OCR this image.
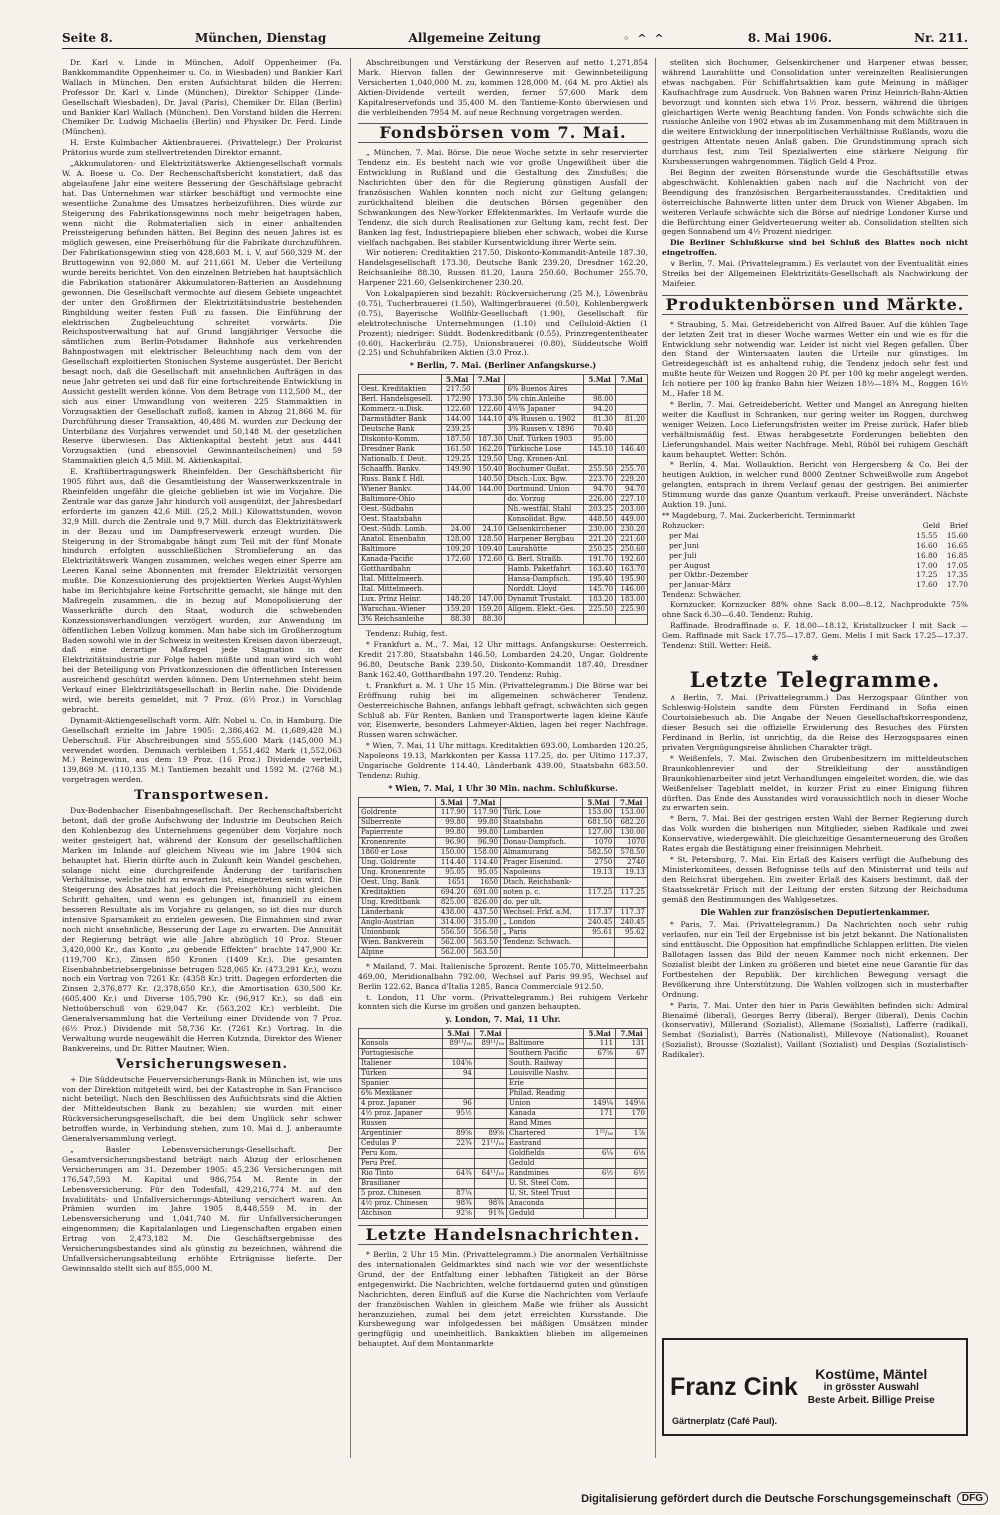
Seite 8.	München, Dienstag	Allgemeine Zeitung	◦ ^ ^	8. Mai 1906.	Nr. 211.

Dr. Karl v. Linde in München, Adolf Oppenheimer (Fa. Bankkommandite Oppenheimer u. Co. in Wiesbaden) und Bankier Karl Wallach in München. Den ersten Aufsichtsrat bilden die Herren: Professor Dr. Karl v. Linde (München), Direktor Schipper (Linde-Gesellschaft Wiesbaden), Dr. Javal (Paris), Chemiker Dr. Ellan (Berlin) und Bankier Karl Wallach (München). Den Vorstand bilden die Herren: Chemiker Dr. Ludwig Michaelis (Berlin) und Physiker Dr. Ferd. Linde (München).

H. Erste Kulmbacher Aktienbrauerei. (Privattelegr.) Der Prokurist Prätorius wurde zum stellvertretenden Direktor ernannt.

„Akkumulatoren- und Elektrizitätswerke Aktiengesellschaft vormals W. A. Boese u. Co. Der Rechenschaftsbericht konstatiert, daß das abgelaufene Jahr eine weitere Besserung der Geschäftslage gebracht hat. Das Unternehmen war stärker beschäftigt und vermochte eine wesentliche Zunahme des Umsatzes herbeizuführen. Dies würde zur Steigerung des Fabrikationsgewinns noch mehr beigetragen haben, wenn nicht die Rohmaterialien sich in einer anhaltenden Preissteigerung befunden hätten. Bei Beginn des neuen Jahres ist es möglich gewesen, eine Preiserhöhung für die Fabrikate durchzuführen. Der Fabrikationsgewinn stieg von 428,603 M. i. V. auf 560,329 M. der Bruttogewinn von 92,080 M. auf 211,661 M. Ueber die Verteilung wurde bereits berichtet. Von den einzelnen Betrieben hat hauptsächlich die Fabrikation stationärer Akkumulatoren-Batterien an Ausdehnung gewonnen. Die Gesellschaft vermochte auf diesem Gebiete ungeachtet der unter den Großfirmen der Elektrizitätsindustrie bestehenden Ringbildung weiter festen Fuß zu fassen. Die Einführung der elektrischen Zugbeleuchtung schreitet vorwärts. Die Reichspostverwaltung hat auf Grund langjähriger Versuche die sämtlichen zum Berlin-Potsdamer Bahnhofe aus verkehrenden Bahnpostwagen mit elektrischer Beleuchtung nach dem von der Gesellschaft exploitierten Stonischen Systeme ausgerüstet. Der Bericht besagt noch, daß die Gesellschaft mit ansehnlichen Aufträgen in das neue Jahr getreten sei und daß für eine fortschreitende Entwicklung in Aussicht gestellt werden könne. Von dem Betrage von 112,500 M., der sich aus einer Umwandlung von weiteren 225 Stammaktien in Vorzugsaktien der Gesellschaft zufloß, kamen in Abzug 21,866 M. für Durchführung dieser Transaktion, 40,486 M. wurden zur Deckung der Unterbilanz des Vorjahres verwendet und 50,148 M. der gesetzlichen Reserve überwiesen. Das Aktienkapital besteht jetzt aus 4441 Vorzugsaktien (und ebensoviel Gewinnanteilscheinen) und 59 Stammaktien gleich 4,5 Mill. M. Aktienkapital.

E. Kraftübertragungswerk Rheinfelden. Der Geschäftsbericht für 1905 führt aus, daß die Gesamtleistung der Wasserwerkszentrale in Rheinfelden ungefähr die gleiche geblieben ist wie im Vorjahre. Die Zentrale war das ganze Jahr hindurch voll ausgenützt, der Jahresbedarf erforderte im ganzen 42,6 Mill. (25,2 Mill.) Kilowattstunden, wovon 32,9 Mill. durch die Zentrale und 9,7 Mill. durch das Elektrizitätswerk in der Bezau und im Dampfreservewerk erzeugt wurden. Die Steigerung in der Stromabgabe hängt zum Teil mit der fünf Monate hindurch erfolgten ausschließlichen Stromlieferung an das Elektrizitätswerk Wangen zusammen, welches wegen einer Sperre am Leeren Kanal seine Abonnenten mit fremder Elektrizität versorgen mußte. Die Konzessionierung des projektierten Werkes Augst-Wyhlen habe im Berichtsjahre keine Fortschritte gemacht, sie hänge mit den Maßregeln zusammen, die in bezug auf Monopolisierung der Wasserkräfte durch den Staat, wodurch die schwebenden Konzessionsverhandlungen verzögert wurden, zur Anwendung im öffentlichen Leben Vollzug kommen. Man habe sich im Großherzogtum Baden sowohl wie in der Schweiz in weitesten Kreisen davon überzeugt, daß eine derartige Maßregel jede Stagnation in der Elektrizitätsindustrie zur Folge haben müßte und man wird sich wohl bei der Beteiligung von Privatkonzessionen die öffentlichen Interessen ausreichend geschützt werden können. Dem Unternehmen steht beim Verkauf einer Elektrizitätsgesellschaft in Berlin nahe. Die Dividende wird, wie bereits gemeldet, mit 7 Proz. (6½ Proz.) in Vorschlag gebracht.

Dynamit-Aktiengesellschaft vorm. Alfr. Nobel u. Co. in Hamburg. Die Gesellschaft erzielte im Jahre 1905: 2,386,462 M. (1,689,428 M.) Ueberschuß. Für Abschreibungen sind 555,600 Mark (145,000 M.) verwendet worden. Demnach verbleiben 1,551,462 Mark (1,552,063 M.) Reingewinn, aus dem 19 Proz. (16 Proz.) Dividende verteilt, 139,869 M. (110,135 M.) Tantiemen bezahlt und 1592 M. (2768 M.) vorgetragen werden.

Transportwesen.

Dux-Bodenbacher Eisenbahngesellschaft. Der Rechenschaftsbericht betont, daß der große Aufschwung der Industrie im Deutschen Reich den Kohlenbezug des Unternehmens gegenüber dem Vorjahre noch weiter gesteigert hat, während der Konsum der gesellschaftlichen Marken im Inlande auf gleichem Niveau wie im Jahre 1904 sich behauptet hat. Hierin dürfte auch in Zukunft kein Wandel geschehen, solange nicht eine durchgreifende Änderung der tarifarischen Verhältnisse, welche nicht zu erwarten ist, eingetreten sein wird. Die Steigerung des Absatzes hat jedoch die Preiserhöhung nicht gleichen Schritt gehalten, und wenn es gelungen ist, finanziell zu einem besseren Resultate als im Vorjahre zu gelangen, so ist dies nur durch intensive Sparsamkeit zu erzielen gewesen. Die Einnahmen sind zwar noch nicht ansehnliche, Besserung der Lage zu erwarten. Die Annuität der Regierung beträgt wie alle Jahre abzüglich 10 Proz. Steuer 3,420,000 Kr., das Konto „zu gebende Effekten“ brachte 147,900 Kr. (119,700 Kr.), Zinsen 850 Kronen (1409 Kr.). Die gesamten Eisenbahnbetriebsergebnisse betrugen 528,065 Kr. (473,291 Kr.), wozu noch ein Vortrag von 7261 Kr. (4358 Kr.) tritt. Dagegen erforderten die Zinsen 2,376,877 Kr. (2,378,650 Kr.), die Amortisation 630,500 Kr. (605,400 Kr.) und Diverse 105,790 Kr. (96,917 Kr.), so daß ein Nettoüberschuß von 629,047 Kr. (563,202 Kr.) verbleibt. Die Generalversammlung hat die Verteilung einer Dividende von 7 Proz. (6½ Proz.) Dividende mit 58,736 Kr. (7261 Kr.) Vortrag. In die Verwaltung wurde neugewählt die Herren Kutznda, Direktor des Wiener Bankvereins, und Dr. Ritter Mautner, Wien.

Versicherungswesen.

+ Die Süddeutsche Feuerversicherungs-Bank in München ist, wie uns von der Direktion mitgeteilt wird, bei der Katastrophe in San Francisco nicht beteiligt. Nach den Beschlüssen des Aufsichtsrats sind die Aktien der Mitteldeutschen Bank zu bezahlen; sie wurden mit einer Rückversicherungsgesellschaft, die bei dem Unglück sehr schwer betroffen wurde, in Verbindung stehen, zum 10. Mai d. J. anberaumte Generalversammlung verlegt.

„ Basler Lebensversicherungs-Gesellschaft. Der Gesamtversicherungsbestand beträgt nach Abzug der erloschenen Versicherungen am 31. Dezember 1905: 45,236 Versicherungen mit 176,547,593 M. Kapital und 986,754 M. Rente in der Lebensversicherung. Für den Todesfall, 429,216,774 M. auf den Invaliditäts- und Unfallversicherungs-Abteilung versichert waren. An Prämien wurden im Jahre 1905 8,448,559 M. in der Lebensversicherung und 1,041,740 M. für Unfallversicherungen eingenommen; die Kapitalanlagen und Liegenschaften ergaben einen Ertrag von 2,473,182 M. Die Geschäftsergebnisse des Versicherungsbestandes sind als günstig zu bezeichnen, während die Unfallversicherungsabteilung erhöhte Erträgnisse lieferte. Der Gewinnsaldo stellt sich auf 855,000 M.

Abschreibungen und Verstärkung der Reserven auf netto 1,271,854 Mark. Hiervon fallen der Gewinnreserve mit Gewinnbeteiligung Versicherten 1,040,000 M. zu, kommen 128,000 M. (64 M. pro Aktie) als Aktien-Dividende verteilt werden, ferner 57,600 Mark dem Kapitalreservefonds und 35,400 M. den Tantieme-Konto überwiesen und die verbleibenden 7954 M. auf neue Rechnung vorgetragen werden.

Fondsbörsen vom 7. Mai.

„ München, 7. Mai. Börse. Die neue Woche setzte in sehr reservierter Tendenz ein. Es besteht nach wie vor große Ungewißheit über die Entwicklung in Rußland und die Gestaltung des Zinsfußes; die Nachrichten über den für die Regierung günstigen Ausfall der französischen Wahlen konnten noch nicht zur Geltung gelangen; zurückhaltend bleiben die deutschen Börsen gegenüber den Schwankungen des New-Yorker Effektenmarktes. Im Verlaufe wurde die Tendenz, die sich durch Realisationen zur Geltung kam, recht fest. Der Banken lag fest, Industriepapiere blieben eher schwach, wobei die Kurse vielfach nachgaben. Bei stabiler Kursentwicklung ihrer Werte sein.

Wir notieren: Creditaktien 217.50, Diskonto-Kommandit-Anteile 187.30, Handelsgesellschaft 173.30, Deutsche Bank 239.20, Dresdner 162.20, Reichsanleihe 88.30, Russen 81.20, Laura 250.60, Bochumer 255.70, Harpener 221.60, Gelsenkirchener 230.20.

Von Lokalpapieren sind bezahlt: Rückversicherung (25 M.), Löwenbräu (0.75), Tucherbrauerei (1.50), Waltingerbrauerei (0.50), Kohlenbergwerk (0.75), Bayerische Wollfilz-Gesellschaft (1.90), Gesellschaft für elektrotechnische Unternehmungen (1.10) und Celluloid-Aktien (1 Prozent); niedriger: Süddt. Bodenkreditbank (0.55), Prinzregententheater (0.60), Hackerbräu (2.75), Unionsbrauerei (0.80), Süddeutsche Wolff (2.25) und Schuhfabriken Aktien (3.0 Proz.).

* Berlin, 7. Mai. (Berliner Anfangskurse.)
	5.Mai	7.Mai		5.Mai	7.Mai
Oest. Kreditaktien	217.50		6% Buenos Aires		
Berl. Handelsgesell.	172.90	173.30	5% chin.Anleihe	98.00	
Kommerz.-u.Disk.	122.60	122.60	4½% Japaner	94.20	
Darmstädter Bank	144.00	144.10	4% Russen u. 1902	81.30	81.20
Deutsche Bank	239.25		3% Russen v. 1896	70.40	
Diskonto-Komm.	187.50	187.30	Unif. Türken 1903	95.00	
Dresdner Bank	161.50	162.20	Türkische Lose	145.10	146.40
Nationalb. f. Deut.	129.25	129.50	Ung. Kronen-Anl.		
Schaaffh. Bankv.	149.90	150.40	Bochumer Gußst.	255.50	255.70
Russ. Bank f. Hdl.		140.50	Dtsch.-Lux. Bgw.	223.70	229.20
Wiener Bankv.	144.00	144.00	Dortmund. Union	94.70	94.70
Baltimore-Ohio			do. Vorzug	226.00	227.10
Oest.-Südbahn			Nh.-westfäl. Stahl	203.25	203.00
Oest. Staatsbahn			Konsolidat. Bgw.	448.50	449.00
Oest.-Südb. Lomb.	24.00	24.10	Gelsenkirchener	230.00	230.20
Anatol. Eisenbahn	128.00	128.50	Harpener Bergbau	221.20	221.60
Baltimore	109.20	109.40	Laurahütte	250.25	250.60
Kanada-Pacific	172.60	172.60	G. Berl. Straßb.	191.70	192.60
Gotthardbahn			Hamb. Paketfahrt	163.40	163.70
Ital. Mittelmeerb.			Hansa-Dampfsch.	195.40	195.90
Ital. Mittelmeerb.			Norddt. Lloyd	145.70	146.00
Lux. Prinz Heinr.	148.20	147.00	Dynamit Trustakt.	183.20	183.00
Warschau.-Wiener	159.20	159.20	Allgem. Elekt.-Ges.	225.50	225.90
3% Reichsanleihe	88.30	88.30			

Tendenz: Ruhig, fest.

* Frankfurt a. M., 7. Mai, 12 Uhr mittags. Anfangskurse: Oesterreich. Kredit 217.80, Staatsbahn 146.50, Lombarden 24.20, Ungar. Goldrente 96.80, Deutsche Bank 239.50, Diskonto-Kommandit 187.40, Dresdner Bank 162.40, Gotthardbahn 197.20. Tendenz: Ruhig.

t. Frankfurt a. M. 1 Uhr 15 Min. (Privattelegramm.) Die Börse war bei Eröffnung ruhig bei im allgemeinen schwächerer Tendenz. Oesterreichische Bahnen, anfangs lebhaft gefragt, schwächten sich gegen Schluß ab. Für Renten, Banken und Transportwerte lagen kleine Käufe vor, Eisenwerte, besonders Lahmeyer-Aktien, lagen bei reger Nachfrage. Russen waren schwächer.

* Wien, 7. Mai, 11 Uhr mittags. Kreditaktien 693.00, Lombarden 120.25, Napoleons 19.13, Markkonten per Kassa 117.25, do. per Ultimo 117.37, Ungarische Goldrente 114.40, Länderbank 439.00, Staatsbahn 683.50. Tendenz: Ruhig.

* Wien, 7. Mai, 1 Uhr 30 Min. nachm. Schlußkurse.
	5.Mai	7.Mai		5.Mai	7.Mai
Goldrente	117.90	117.90	Türk. Lose	153.00	153.00
Silberrente	99.80	99.80	Staatsbahn	681.50	682.20
Papierrente	99.80	99.80	Lombarden	127.00	130.00
Kronenrente	96.90	96.90	Donau-Dampfsch.	1070	1070
1860 er Lose	150.00	158.00	Almamurang	582.50	578.50
Ung. Goldrente	114.40	114.40	Prager Eisenind.	2750	2740
Ung. Kronenrente	95.05	95.05	Napoleons	19.13	19.13
Oest. Ung. Bank	1651	1650	Dtsch. Reichsbank-		
Kreditaktien	694.20	691.00	noten p. c.	117.25	117.25
Ung. Kreditbank	825.00	826.00	do. per ult.		
Länderbank	438.00	437.50	Wechsel: Frkf. a.M.	117.37	117.37
Anglo-Austrian	314.00	315.00	„ London	240.45	240.45
Unionbank	556.50	556.50	„ Paris	95.61	95.62
Wien. Bankverein	562.00	563.50	Tendenz: Schwach.		
Alpine	562.00	563.50			

* Mailand, 7. Mai. Italienische 5prozent. Rente 105.70, Mittelmeerbahn 469.00, Meridionalbahn 792.00, Wechsel auf Paris 99.95, Wechsel auf Berlin 122.62, Banca d'Italia 1285, Banca Commerciale 912.50.

t. London, 11 Uhr vorm. (Privattelegramm.) Bei ruhigem Verkehr konnten sich die Kurse im großen und ganzen behaupten.

y. London, 7. Mai, 11 Uhr.
	5.Mai	7.Mai		5.Mai	7.Mai
Konsols	89¹¹/₁₆	89¹¹/₁₆	Baltimore	111	131
Portugiesische			Southern Pacific	67⅝	67
Italiener	104⅝		South. Railway		
Türken	94		Louisville Nashv.		
Spanier			Erie		
6% Mexikaner			Philad. Reading		
4 proz. Japaner	96		Union	149¼	149⅛
4½ proz. Japaner	95½		Kanada	171	170
Russen			Rand Mines		
Argentinier	89⅝	89⅝	Chartered	1¹⁵/₁₆	1⅞
Cedulas P	22¾	21¹¹/₁₆	Eastrand		
Peru Kom.			Goldfields	6¼	6⅛
Peru Pref.			Geduld		
Rio Tinto	64¾	64¹¹/₁₆	Randmines	6½	6½
Brasilianer			U. St. Steel Com.		
5 proz. Chinesen	87¼		U. St. Steel Trust		
4½ proz. Chinesen	98¾	98¾	Anaconda		
Atchison	92⅝	91¾	Geduld		
Letzte Handelsnachrichten.

* Berlin, 2 Uhr 15 Min. (Privattelegramm.) Die anormalen Verhältnisse des internationalen Geldmarktes sind nach wie vor der wesentlichste Grund, der der Entfaltung einer lebhaften Tätigkeit an der Börse entgegenwirkt. Die Nachrichten, welche fortdauernd guten und günstigen Nachrichten, deren Einfluß auf die Kurse die Nachrichten vom Verlaufe der französischen Wahlen in gleichem Maße wie früher als Aussicht heranzuziehen, zumal bei dem jetzt erreichten Kursstande. Die Kursbewegung war infolgedessen bei mäßigen Umsätzen minder geringfügig und uneinheitlich. Bankaktien blieben im allgemeinen behauptet. Auf dem Montanmarkte

stellten sich Bochumer, Gelsenkirchener und Harpener etwas besser, während Laurahütte und Consolidation unter vereinzelten Realisierungen etwas nachgaben. Für Schiffahrtsaktien kam gute Meinung in mäßiger Kaufnachfrage zum Ausdruck. Von Bahnen waren Prinz Heinrich-Bahn-Aktien bevorzugt und konnten sich etwa 1½ Proz. bessern, während die übrigen gleichartigen Werte wenig Beachtung fanden. Von Fonds schwächte sich die russische Anleihe von 1902 etwas ab im Zusammenhang mit dem Mißtrauen in die weitere Entwicklung der innerpolitischen Verhältnisse Rußlands, wozu die gestrigen Attentate neuen Anlaß gaben. Die Grundstimmung sprach sich durchaus fest, zum Teil Spezialwerten eine stärkere Neigung für Kursbesserungen wahrgenommen. Täglich Geld 4 Proz.

Bei Beginn der zweiten Börsenstunde wurde die Geschäftsstille etwas abgeschwächt. Kohlenaktien gaben nach auf die Nachricht von der Beendigung des französischen Bergarbeiterausstandes. Creditaktien und österreichische Bahnwerte litten unter dem Druck von Wiener Abgaben. Im weiteren Verlaufe schwächte sich die Börse auf niedrige Londoner Kurse und die Befürchtung einer Geldverteuerung weiter ab. Consolidation stellten sich gegen Sonnabend um 4½ Prozent niedriger.

Die Berliner Schlußkurse sind bei Schluß des Blattes noch nicht eingetroffen.

∨ Berlin, 7. Mai. (Privattelegramm.) Es verlautet von der Eventualität eines Streiks bei der Allgemeinen Elektrizitäts-Gesellschaft als Nachwirkung der Maifeier.

Produktenbörsen und Märkte.

* Straubing, 5. Mai. Getreidebericht von Alfred Bauer. Auf die kühlen Tage der letzten Zeit trat in dieser Woche warmes Wetter ein und wie es für die Entwicklung sehr notwendig war. Leider ist nicht viel Regen gefallen. Über den Stand der Wintersaaten lauten die Urteile nur günstiges. Im Getreidegeschäft ist es anhaltend ruhig, die Tendenz jedoch sehr fest und mußte heute für Weizen und Roggen 20 Pf. per 100 kg mehr angelegt werden. Ich notiere per 100 kg franko Bahn hier Weizen 18½—18¾ M., Roggen 16½ M., Hafer 18 M.

* Berlin, 7. Mai. Getreidebericht. Wetter und Mangel an Anregung hielten weiter die Kauflust in Schranken, nur gering weiter im Roggen, durchweg weniger Weizen. Loco Lieferungsfristen weiter im Preise zurück. Hafer blieb verhältnismäßig fest. Etwas herabgesetzte Forderungen beliebten den Lieferungshandel. Mais weiter Nachfrage. Mehl, Rüböl bei ruhigem Geschäft kaum behauptet. Wetter: Schön.

* Berlin, 4. Mai. Wollauktion. Bericht von Hergersberg & Co. Bei der heutigen Auktion, in welcher rund 8000 Zentner Schweißwolle zum Angebot gelangten, entsprach in ihrem Verlauf genau der gestrigen. Bei animierter Stimmung wurde das ganze Quantum verkauft. Preise unverändert. Nächste Auktion 19. Juni.

** Magdeburg, 7. Mai. Zuckerbericht. Terminmarkt
Rohzucker:	Geld Brief
per Mai	15.55    15.60
per Juni	16.60    16.65
per Juli	16.80    16.85
per August	17.00    17.05
per Oktbr.-Dezember	17.25    17.35
per Januar-März	17.60    17.70
Tendenz: Schwächer.

Kornzucker. Kornzucker 88% ohne Sack 8.00—8.12, Nachprodukte 75% ohne Sack 6.30—6.40. Tendenz: Ruhig.

Raffinade. Brodraffinade o. F. 18.00—18.12, Kristallzucker I mit Sack — Gem. Raffinade mit Sack 17.75—17.87. Gem. Melis I mit Sack 17.25—17.37. Tendenz: Still. Wetter: Heiß.

✱
Letzte Telegramme.

∧ Berlin, 7. Mai. (Privattelegramm.) Das Herzogspaar Günther von Schleswig-Holstein sandte dem Fürsten Ferdinand in Sofia einen Courtoisiebesuch ab. Die Angabe der Neuen Gesellschaftskorrespondenz, dieser Besuch sei die offizielle Erwiderung des Besuches des Fürsten Ferdinand in Berlin, ist unrichtig, da die Reise des Herzogspaares einen privaten Vergnügungsreise ähnlichen Charakter trägt.

* Weißenfels, 7. Mai. Zwischen den Grubenbesitzern im mitteldeutschen Braunkohlenrevier und der Streikleitung der ausständigen Braunkohlenarbeiter sind jetzt Verhandlungen eingeleitet worden, die, wie das Weißenfelser Tageblatt meldet, in kurzer Frist zu einer Einigung führen dürften. Das Ende des Ausstandes wird voraussichtlich noch in dieser Woche zu erwarten sein.

* Bern, 7. Mai. Bei der gestrigen ersten Wahl der Berner Regierung durch das Volk wurden die bisherigen nun Mitglieder, sieben Radikale und zwei Konservative, wiedergewählt. Die gleichzeitige Gesamterneuerung des Großen Rates ergab die Bestätigung einer freisinnigen Mehrheit.

* St. Petersburg, 7. Mai. Ein Erlaß des Kaisers verfügt die Aufhebung des Ministerkomitees, dessen Befugnisse teils auf den Ministerrat und teils auf den Reichsrat übergehen. Ein zweiter Erlaß des Kaisers bestimmt, daß der Staatssekretär Frisch mit der Leitung der ersten Sitzung der Reichsduma gemäß den Bestimmungen des Wahlgesetzes.

Die Wahlen zur französischen Deputiertenkammer.

* Paris, 7. Mai. (Privattelegramm.) Da Nachrichten noch sehr ruhig verlaufen, nur ein Teil der Ergebnisse ist bis jetzt bekannt. Die Nationalisten sind enttäuscht. Die Opposition hat empfindliche Schlappen erlitten. Die vielen Ballotagen lassen das Bild der neuen Kammer noch nicht erkennen. Der Sozialist bleibt der Linken zu größeren und bietet eine neue Garantie für das Fortbestehen der Republik. Der kirchlichen Bewegung versagt die Bevölkerung ihre Unterstützung. Die Wahlen vollzogen sich in musterhafter Ordnung.

* Paris, 7. Mai. Unter den hier in Paris Gewählten befinden sich: Admiral Bienaimé (liberal), Georges Berry (liberal), Berger (liberal), Denis Cochin (konservativ), Millerand (Sozialist), Allemane (Sozialist), Lafferre (radikal), Sembat (Sozialist), Barrès (Nationalist), Millevoye (Nationalist), Rouanet (Sozialist), Brousse (Sozialist), Vaillant (Sozialist) und Desplas (Sozialistisch-Radikaler).

Franz Cink	Kostüme, Mäntel
in grösster Auswahl
Beste Arbeit. Billige Preise
Gärtnerplatz (Café Paul).
Digitalisierung gefördert durch die Deutsche Forschungsgemeinschaft	DFG
